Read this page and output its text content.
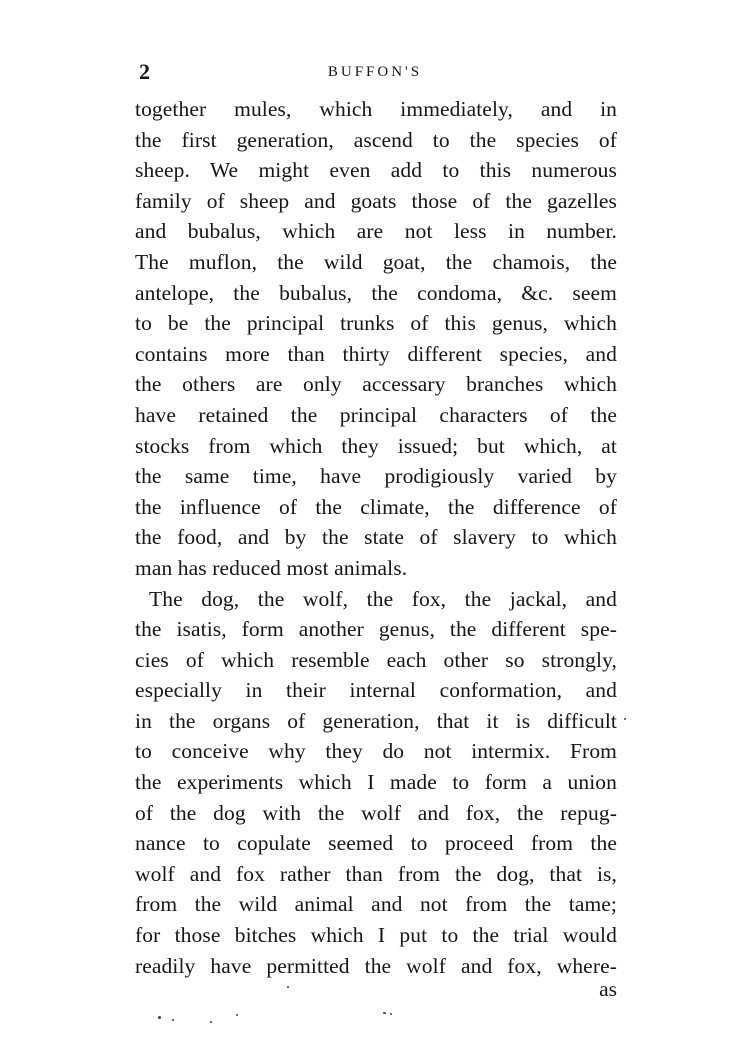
2	BUFFON'S
together mules, which immediately, and in
the first generation, ascend to the species of
sheep. We might even add to this numerous
family of sheep and goats those of the gazelles
and bubalus, which are not less in number.
The muflon, the wild goat, the chamois, the
antelope, the bubalus, the condoma, &c. seem
to be the principal trunks of this genus, which
contains more than thirty different species, and
the others are only accessary branches which
have retained the principal characters of the
stocks from which they issued; but which, at
the same time, have prodigiously varied by
the influence of the climate, the difference of
the food, and by the state of slavery to which
man has reduced most animals.
The dog, the wolf, the fox, the jackal, and
the isatis, form another genus, the different spe-
cies of which resemble each other so strongly,
especially in their internal conformation, and
in the organs of generation, that it is difficult
to conceive why they do not intermix. From
the experiments which I made to form a union
of the dog with the wolf and fox, the repug-
nance to copulate seemed to proceed from the
wolf and fox rather than from the dog, that is,
from the wild animal and not from the tame;
for those bitches which I put to the trial would
readily have permitted the wolf and fox, where-
as
